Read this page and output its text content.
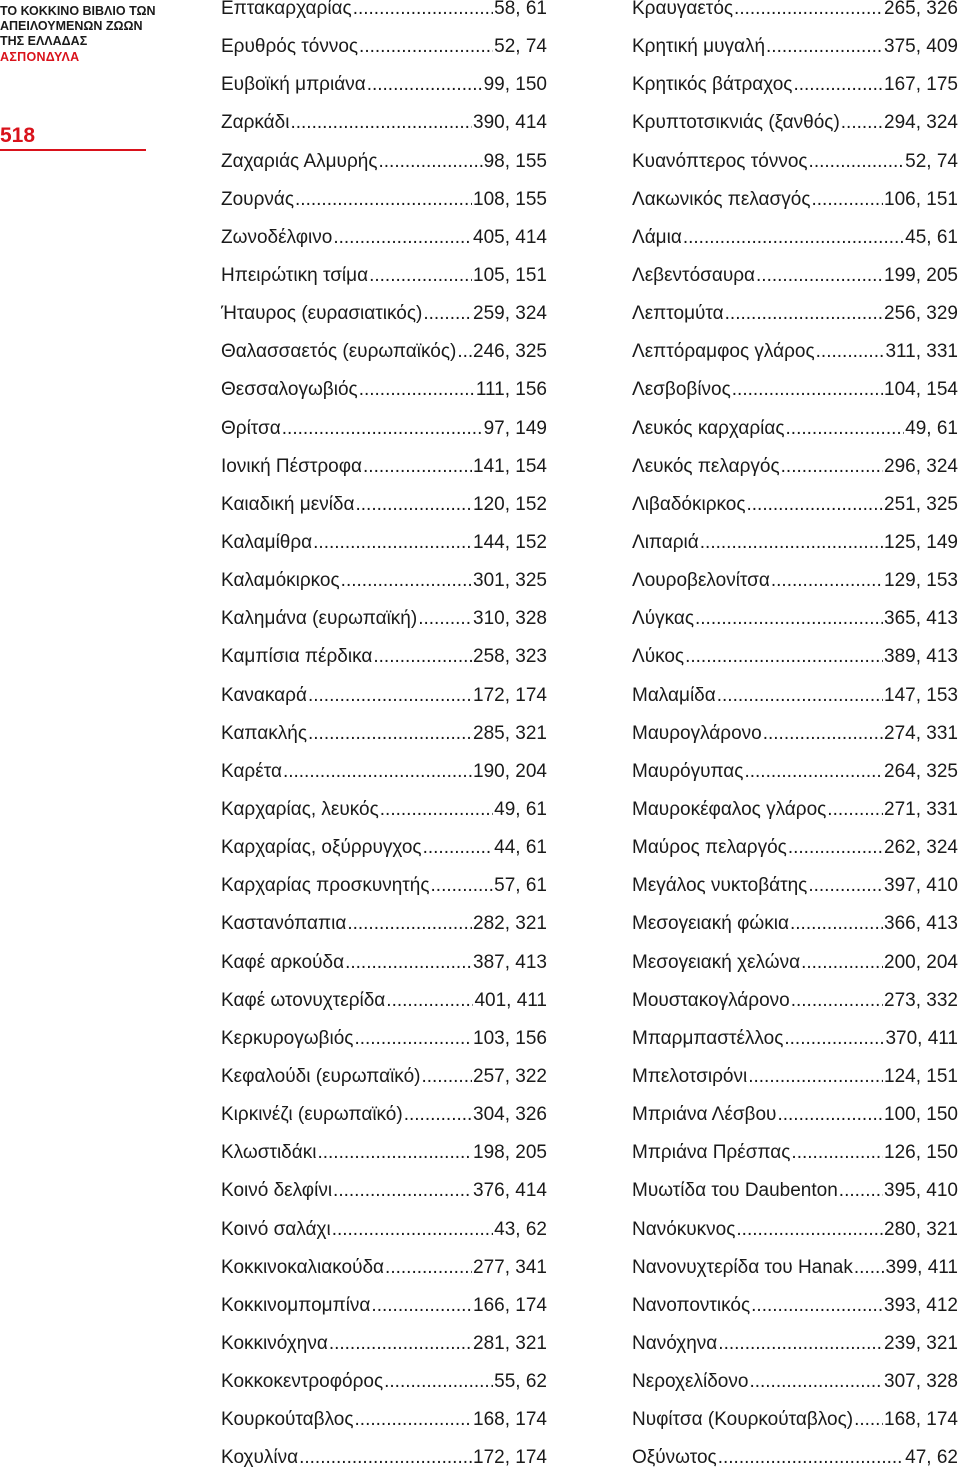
ΤΟ ΚΟΚΚΙΝΟ ΒΙΒΛΙΟ ΤΩΝ
ΑΠΕΙΛΟΥΜΕΝΩΝ ΖΩΩΝ
ΤΗΣ ΕΛΛΑΔΑΣ
ΑΣΠΟΝΔΥΛΑ
518
Επτακαρχαρίας .....	58, 61
Ερυθρός τόννος .....	52, 74
Ευβοϊκή μπριάνα .....	99, 150
Ζαρκάδι .....	390, 414
Ζαχαριάς Αλμυρής .....	98, 155
Ζουρνάς .....	108, 155
Ζωνοδέλφινο .....	405, 414
Ηπειρώτικη τσίμα .....	105, 151
Ήταυρος (ευρασιατικός) .....	259, 324
Θαλασσαετός (ευρωπαϊκός) ..... 246, 325
Θεσσαλογωβιός .....	111, 156
Θρίτσα .....	97, 149
Ιονική Πέστροφα .....	141, 154
Καιαδική μενίδα .....	120, 152
Καλαμίθρα .....	144, 152
Καλαμόκιρκος .....	301, 325
Καλημάνα (ευρωπαϊκή) .....	310, 328
Καμπίσια πέρδικα .....	258, 323
Κανακαρά .....	172, 174
Καπακλής .....	285, 321
Καρέτα .....	190, 204
Καρχαρίας, λευκός .....	49, 61
Καρχαρίας, οξύρρυγχος .....	44, 61
Καρχαρίας προσκυνητής .....	57, 61
Καστανόπαπια .....	282, 321
Καφέ αρκούδα .....	387, 413
Καφέ ωτονυχτερίδα .....	401, 411
Κερκυρογωβιός .....	103, 156
Κεφαλούδι (ευρωπαϊκό) .....	257, 322
Κιρκινέζι (ευρωπαϊκό) .....	304, 326
Κλωστιδάκι .....	198, 205
Κοινό δελφίνι .....	376, 414
Κοινό σαλάχι .....	43, 62
Κοκκινοκαλιακούδα .....	277, 341
Κοκκινομπομπίνα .....	166, 174
Κοκκινόχηνα .....	281, 321
Κοκκοκεντροφόρος .....	55, 62
Κουρκούταβλος .....	168, 174
Κοχυλίνα .....	172, 174
Κραυγαετός .....	265, 326
Κρητική μυγαλή .....	375, 409
Κρητικός βάτραχος .....	167, 175
Κρυπτοτσικνιάς (ξανθός) ..... 294, 324
Κυανόπτερος τόννος .....	52, 74
Λακωνικός πελασγός .....	106, 151
Λάμια .....	45, 61
Λεβεντόσαυρα .....	199, 205
Λεπτομύτα .....	256, 329
Λεπτόραμφος γλάρος .....	311, 331
Λεσβοβίνος .....	104, 154
Λευκός καρχαρίας .....	49, 61
Λευκός πελαργός .....	296, 324
Λιβαδόκιρκος .....	251, 325
Λιπαριά .....	125, 149
Λουροβελονίτσα .....	129, 153
Λύγκας .....	365, 413
Λύκος .....	389, 413
Μαλαμίδα .....	147, 153
Μαυρογλάρονο .....	274, 331
Μαυρόγυπας .....	264, 325
Μαυροκέφαλος γλάρος .....	271, 331
Μαύρος πελαργός .....	262, 324
Μεγάλος νυκτοβάτης .....	397, 410
Μεσογειακή φώκια .....	366, 413
Μεσογειακή χελώνα .....	200, 204
Μουστακογλάρονο .....	273, 332
Μπαρμπαστέλλος .....	370, 411
Μπελοτσιρόνι .....	124, 151
Μπριάνα Λέσβου .....	100, 150
Μπριάνα Πρέσπας .....	126, 150
Μυωτίδα του Daubenton ..... 395, 410
Νανόκυκνος .....	280, 321
Νανονυχτερίδα του Hanak ..... 399, 411
Νανοποντικός .....	393, 412
Νανόχηνα .....	239, 321
Νεροχελίδονο .....	307, 328
Νυφίτσα (Κουρκούταβλος) ..... 168, 174
Οξύνωτος .....	47, 62
